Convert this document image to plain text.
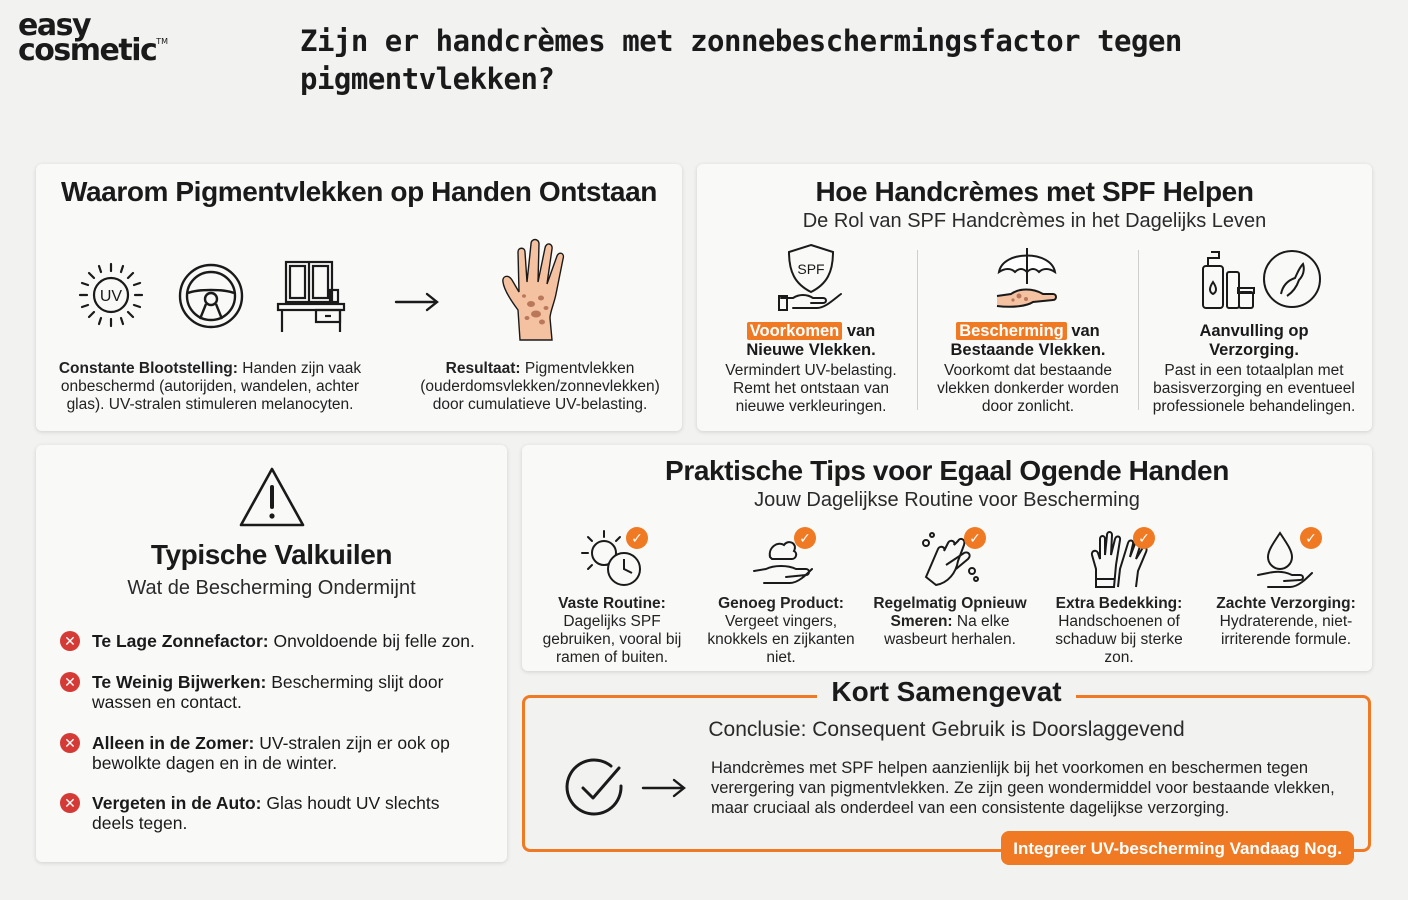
easy
cosmetic™	Zijn er handcrèmes met zonnebeschermingsfactor tegen pigmentvlekken?
Waarom Pigmentvlekken op Handen Ontstaan
UV
Constante Blootstelling: Handen zijn vaak onbeschermd (autorijden, wandelen, achter glas). UV-stralen stimuleren melanocyten.
Resultaat: Pigmentvlekken (ouderdomsvlekken/zonnevlekken) door cumulatieve UV-belasting.
Hoe Handcrèmes met SPF Helpen
De Rol van SPF Handcrèmes in het Dagelijks Leven
SPF
Voorkomen van
Nieuwe Vlekken.
Vermindert UV-belasting. Remt het ontstaan van nieuwe verkleuringen.
Bescherming van
Bestaande Vlekken.
Voorkomt dat bestaande vlekken donkerder worden door zonlicht.
Aanvulling op
Verzorging.
Past in een totaalplan met basisverzorging en eventueel professionele behandelingen.
Typische Valkuilen
Wat de Bescherming Ondermijnt
✕ Te Lage Zonnefactor: Onvoldoende bij felle zon.
✕ Te Weinig Bijwerken: Bescherming slijt door wassen en contact.
✕ Alleen in de Zomer: UV-stralen zijn er ook op bewolkte dagen en in de winter.
✕ Vergeten in de Auto: Glas houdt UV slechts deels tegen.
Praktische Tips voor Egaal Ogende Handen
Jouw Dagelijkse Routine voor Bescherming
✓	✓	✓	✓	✓
Vaste Routine:
Dagelijks SPF gebruiken, vooral bij ramen of buiten.
Genoeg Product:
Vergeet vingers, knokkels en zijkanten niet.
Regelmatig Opnieuw Smeren: Na elke wasbeurt herhalen.
Extra Bedekking:
Handschoenen of schaduw bij sterke zon.
Zachte Verzorging:
Hydraterende, niet-irriterende formule.
Kort Samengevat
Conclusie: Consequent Gebruik is Doorslaggevend
Handcrèmes met SPF helpen aanzienlijk bij het voorkomen en beschermen tegen verergering van pigmentvlekken. Ze zijn geen wondermiddel voor bestaande vlekken, maar cruciaal als onderdeel van een consistente dagelijkse verzorging.
Integreer UV-bescherming Vandaag Nog.
